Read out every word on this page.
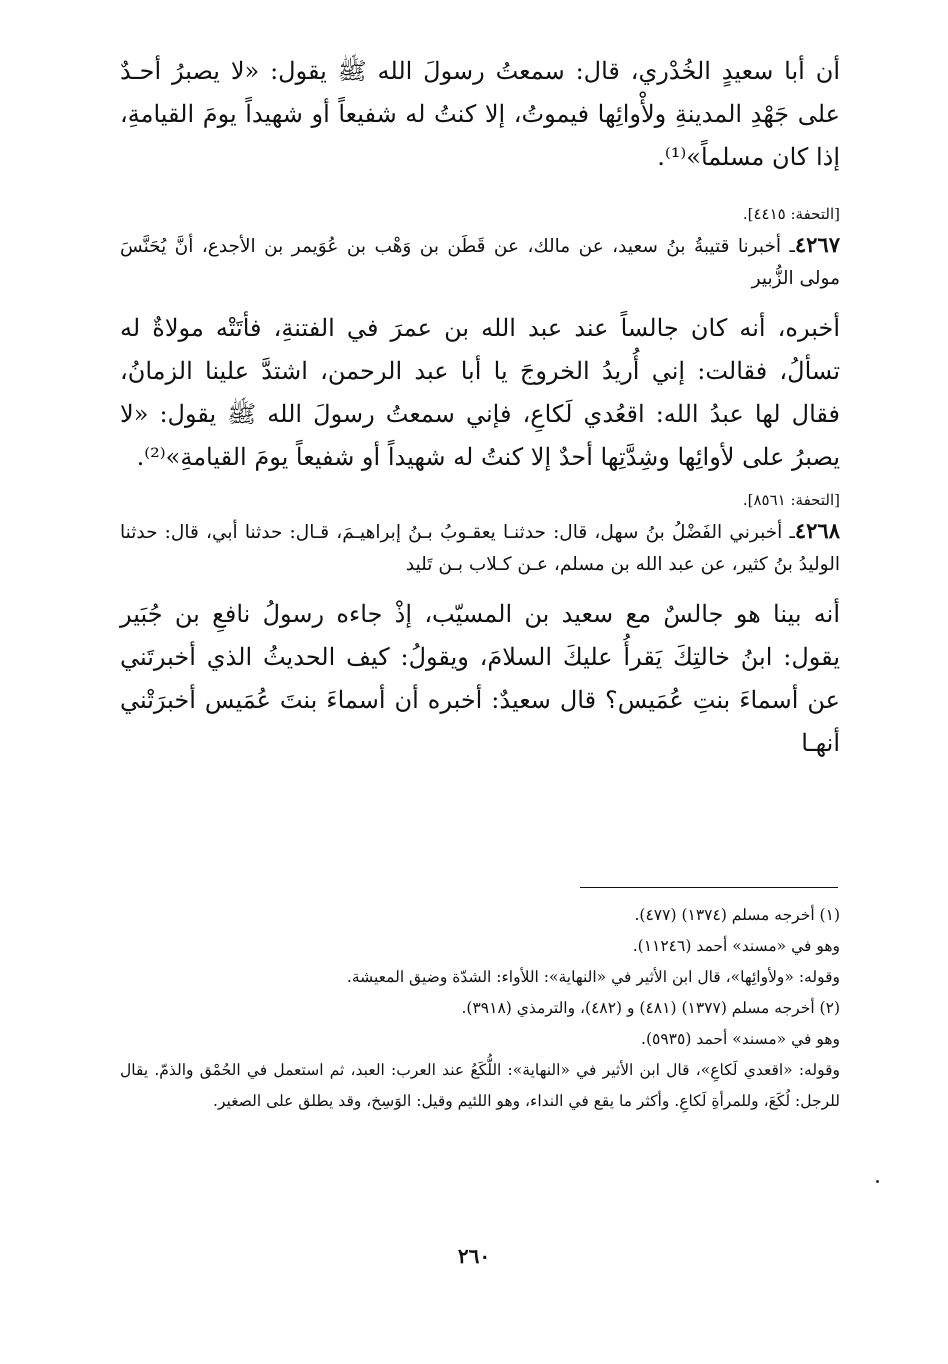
أن أبا سعيدٍ الخُدْري، قال: سمعتُ رسولَ الله ﷺ يقول: «لا يصبرُ أحـدٌ على جَهْدِ المدينةِ ولأْوائِها فيموتُ، إلا كنتُ له شفيعاً أو شهيداً يومَ القيامةِ، إذا كان مسلماً»⁽¹⁾.

[التحفة: ٤٤١٥].

٤٢٦٧ـ أخبرنا قتيبةُ بنُ سعيد، عن مالك، عن قَطَن بن وَهْب بن عُوَيمر بن الأجدع، أنَّ يُحَنَّسَ مولى الزُّبير

أخبره، أنه كان جالساً عند عبد الله بن عمرَ في الفتنةِ، فأتَتْه مولاةٌ له تسألُ، فقالت: إني أُريدُ الخروجَ يا أبا عبد الرحمن، اشتدَّ علينا الزمانُ، فقال لها عبدُ الله: اقعُدي لَكاعِ، فإني سمعتُ رسولَ الله ﷺ يقول: «لا يصبرُ على لأوائِها وشِدَّتِها أحدٌ إلا كنتُ له شهيداً أو شفيعاً يومَ القيامةِ»⁽²⁾.

[التحفة: ٨٥٦١].

٤٢٦٨ـ أخبرني الفَضْلُ بنُ سهل، قال: حدثنـا يعقـوبُ بـنُ إبراهيـمَ، قـال: حدثنا أبي، قال: حدثنا الوليدُ بنُ كثير، عن عبد الله بن مسلم، عـن كـلاب بـن تَليد

أنه بينا هو جالسٌ مع سعيد بن المسيّب، إذْ جاءه رسولُ نافعِ بن جُبَير يقول: ابنُ خالتِكَ يَقرأُ عليكَ السلامَ، ويقولُ: كيف الحديثُ الذي أخبرتَني عن أسماءَ بنتِ عُمَيس؟ قال سعيدٌ: أخبره أن أسماءَ بنتَ عُمَيس أخبرَتْني أنهـا

(١) أخرجه مسلم (١٣٧٤) (٤٧٧).

وهو في «مسند» أحمد (١١٢٤٦).

وقوله: «ولأوائِها»، قال ابن الأثير في «النهاية»: اللأواء: الشدّة وضيق المعيشة.

(٢) أخرجه مسلم (١٣٧٧) (٤٨١) و (٤٨٢)، والترمذي (٣٩١٨).

وهو في «مسند» أحمد (٥٩٣٥).

وقوله: «اقعدي لَكاعِ»، قال ابن الأثير في «النهاية»: اللُّكَعُ عند العرب: العبد، ثم استعمل في الحُمْق والذمّ. يقال للرجل: لُكَعَ، وللمرأةِ لَكاعِ. وأكثر ما يقع في النداء، وهو اللئيم وقيل: الوَسِخ، وقد يطلق على الصغير.

٢٦٠
